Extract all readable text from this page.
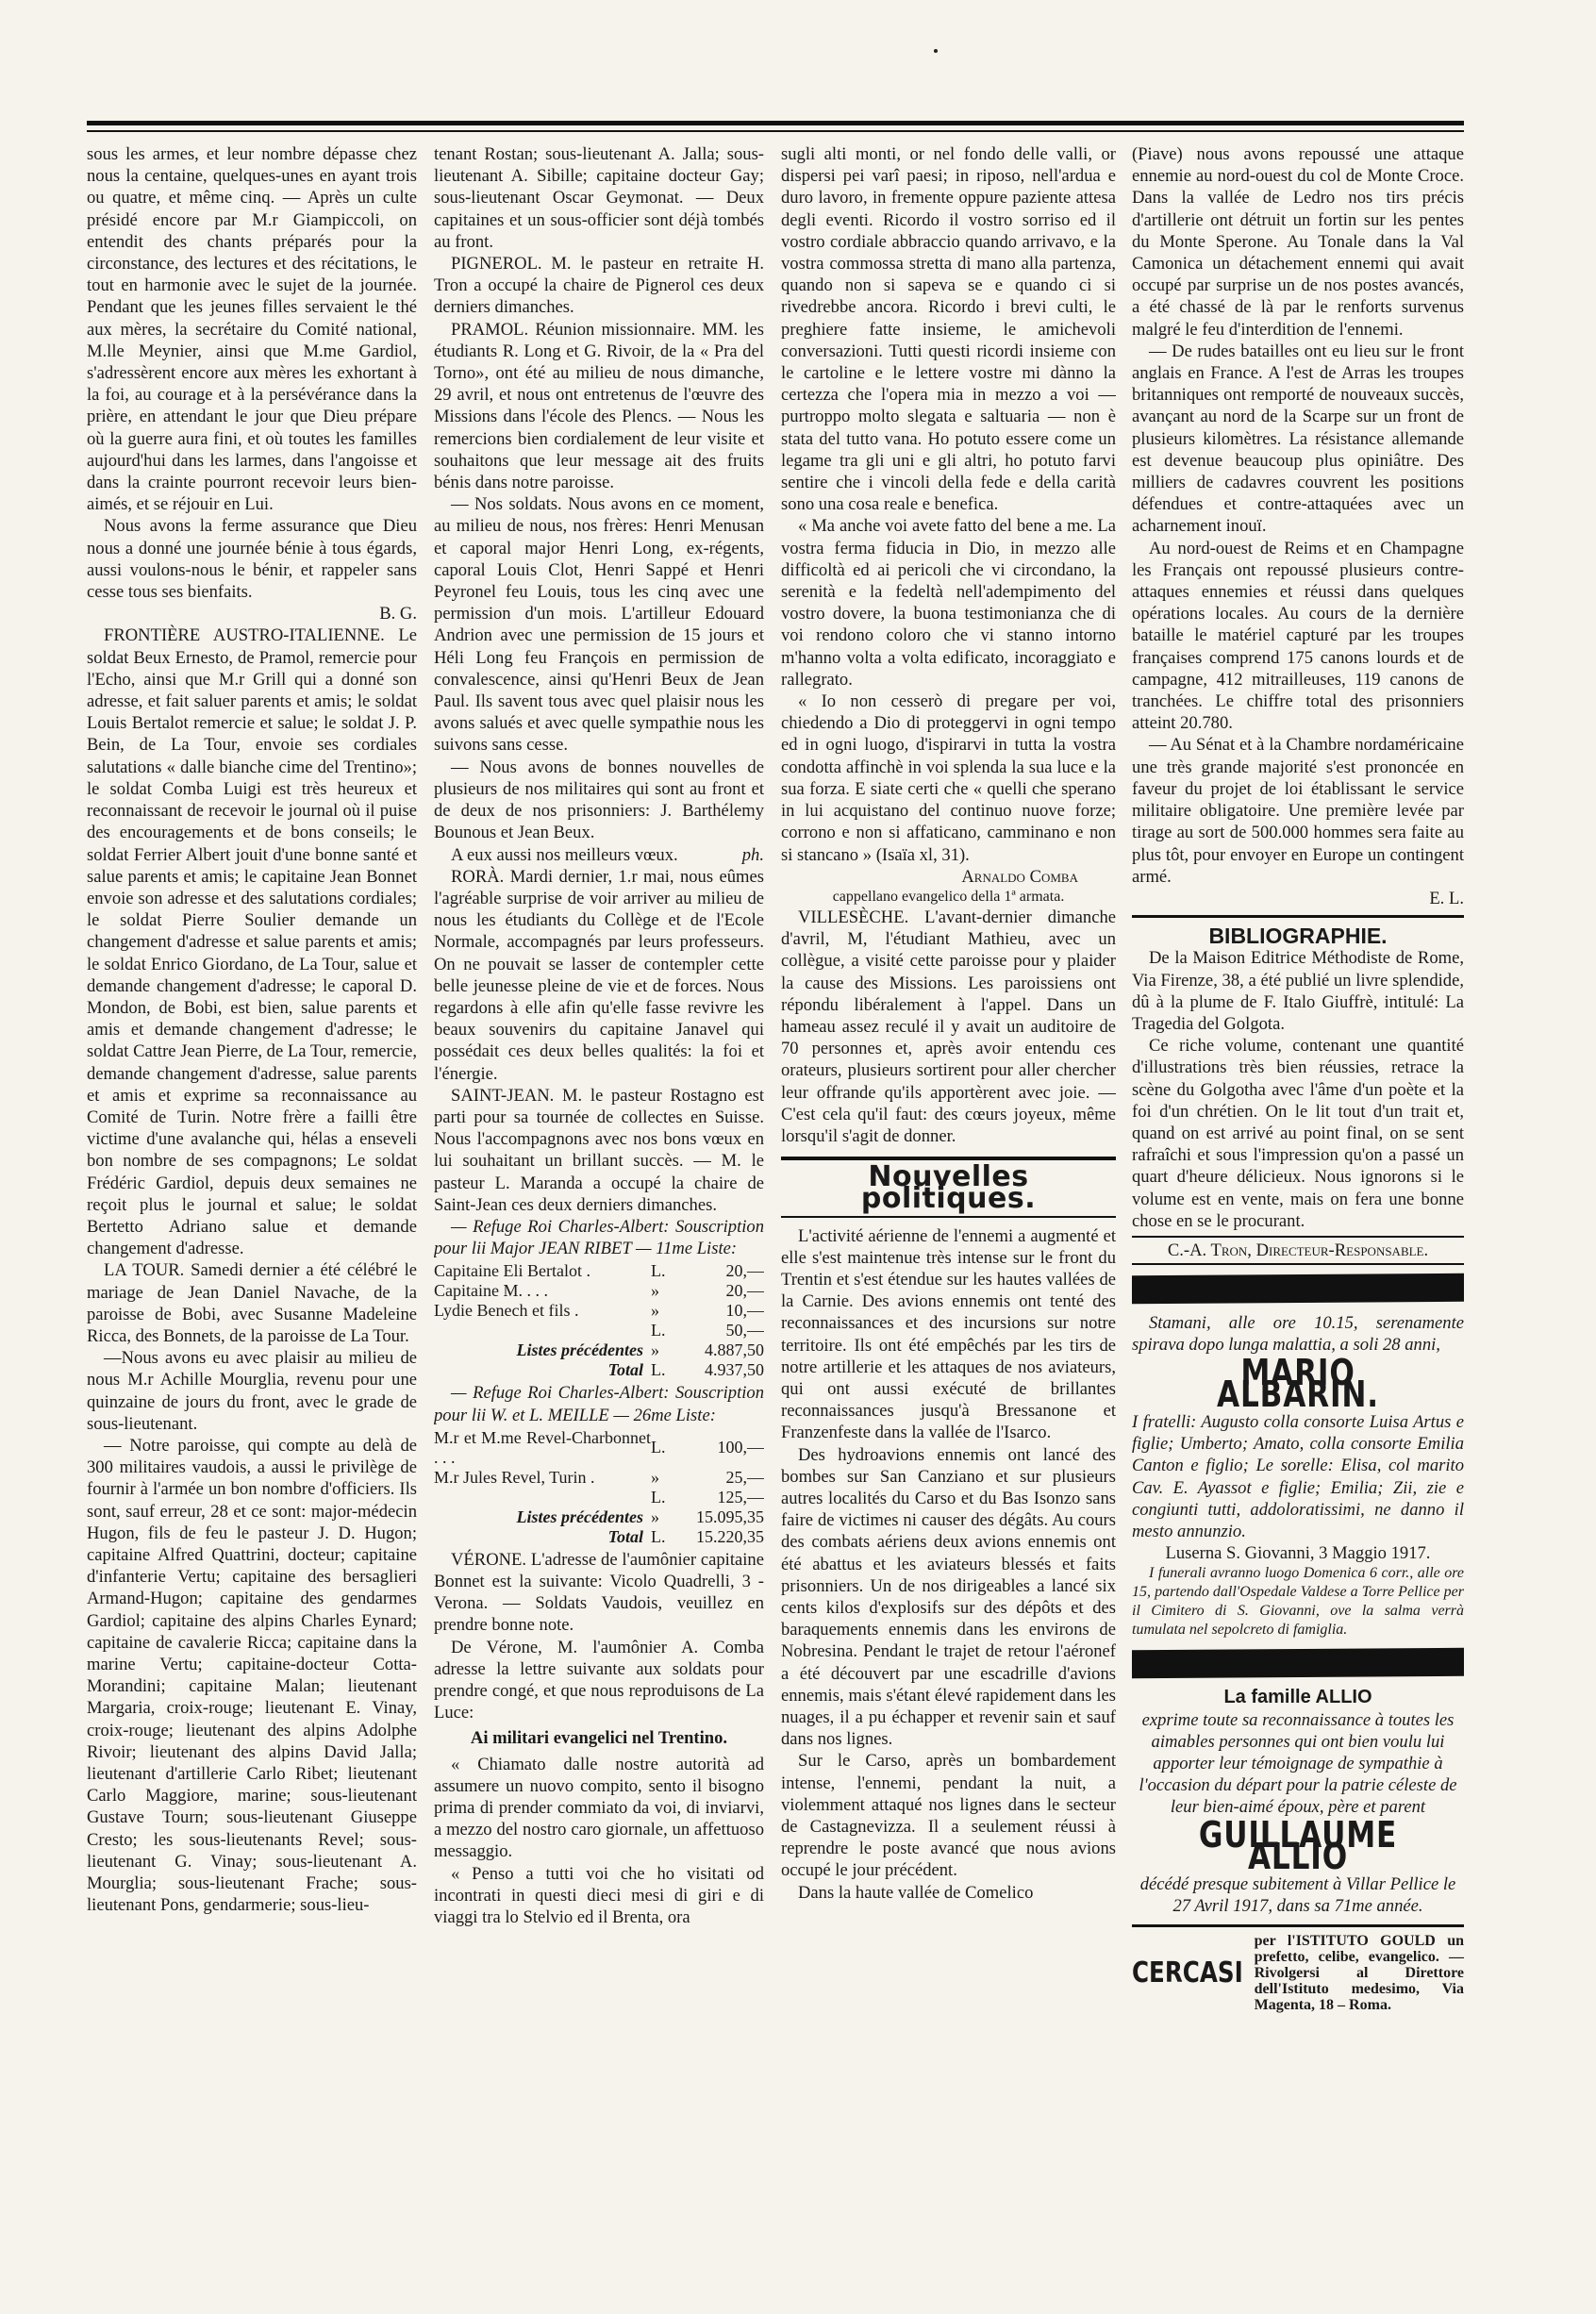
sous les armes, et leur nombre dépasse chez nous la centaine, quelques-unes en ayant trois ou quatre, et même cinq. — Après un culte présidé encore par M.r Giampiccoli, on entendit des chants préparés pour la circonstance, des lectures et des récitations, le tout en harmonie avec le sujet de la journée. Pendant que les jeunes filles servaient le thé aux mères, la secrétaire du Comité national, M.lle Meynier, ainsi que M.me Gardiol, s'adressèrent encore aux mères les exhortant à la foi, au courage et à la persévérance dans la prière, en attendant le jour que Dieu prépare où la guerre aura fini, et où toutes les familles aujourd'hui dans les larmes, dans l'angoisse et dans la crainte pourront recevoir leurs bien-aimés, et se réjouir en Lui.

Nous avons la ferme assurance que Dieu nous a donné une journée bénie à tous égards, aussi voulons-nous le bénir, et rappeler sans cesse tous ses bienfaits.

B. G.

FRONTIÈRE AUSTRO-ITALIENNE. Le soldat Beux Ernesto, de Pramol, remercie pour l'Echo, ainsi que M.r Grill qui a donné son adresse, et fait saluer parents et amis; le soldat Louis Bertalot remercie et salue; le soldat J. P. Bein, de La Tour, envoie ses cordiales salutations « dalle bianche cime del Trentino»; le soldat Comba Luigi est très heureux et reconnaissant de recevoir le journal où il puise des encouragements et de bons conseils; le soldat Ferrier Albert jouit d'une bonne santé et salue parents et amis; le capitaine Jean Bonnet envoie son adresse et des salutations cordiales; le soldat Pierre Soulier demande un changement d'adresse et salue parents et amis; le soldat Enrico Giordano, de La Tour, salue et demande changement d'adresse; le caporal D. Mondon, de Bobi, est bien, salue parents et amis et demande changement d'adresse; le soldat Cattre Jean Pierre, de La Tour, remercie, demande changement d'adresse, salue parents et amis et exprime sa reconnaissance au Comité de Turin. Notre frère a failli être victime d'une avalanche qui, hélas a enseveli bon nombre de ses compagnons; Le soldat Frédéric Gardiol, depuis deux semaines ne reçoit plus le journal et salue; le soldat Bertetto Adriano salue et demande changement d'adresse.

LA TOUR. Samedi dernier a été célébré le mariage de Jean Daniel Navache, de la paroisse de Bobi, avec Susanne Madeleine Ricca, des Bonnets, de la paroisse de La Tour.

—Nous avons eu avec plaisir au milieu de nous M.r Achille Mourglia, revenu pour une quinzaine de jours du front, avec le grade de sous-lieutenant.

— Notre paroisse, qui compte au delà de 300 militaires vaudois, a aussi le privilège de fournir à l'armée un bon nombre d'officiers. Ils sont, sauf erreur, 28 et ce sont: major-médecin Hugon, fils de feu le pasteur J. D. Hugon; capitaine Alfred Quattrini, docteur; capitaine d'infanterie Vertu; capitaine des bersaglieri Armand-Hugon; capitaine des gendarmes Gardiol; capitaine des alpins Charles Eynard; capitaine de cavalerie Ricca; capitaine dans la marine Vertu; capitaine-docteur Cotta-Morandini; capitaine Malan; lieutenant Margaria, croix-rouge; lieutenant E. Vinay, croix-rouge; lieutenant des alpins Adolphe Rivoir; lieutenant des alpins David Jalla; lieutenant d'artillerie Carlo Ribet; lieutenant Carlo Maggiore, marine; sous-lieutenant Gustave Tourn; sous-lieutenant Giuseppe Cresto; les sous-lieutenants Revel; sous-lieutenant G. Vinay; sous-lieutenant A. Mourglia; sous-lieutenant Frache; sous-lieutenant Pons, gendarmerie; sous-lieu-

tenant Rostan; sous-lieutenant A. Jalla; sous-lieutenant A. Sibille; capitaine docteur Gay; sous-lieutenant Oscar Geymonat. — Deux capitaines et un sous-officier sont déjà tombés au front.

PIGNEROL. M. le pasteur en retraite H. Tron a occupé la chaire de Pignerol ces deux derniers dimanches.

PRAMOL. Réunion missionnaire. MM. les étudiants R. Long et G. Rivoir, de la « Pra del Torno», ont été au milieu de nous dimanche, 29 avril, et nous ont entretenus de l'œuvre des Missions dans l'école des Plencs. — Nous les remercions bien cordialement de leur visite et souhaitons que leur message ait des fruits bénis dans notre paroisse.

— Nos soldats. Nous avons en ce moment, au milieu de nous, nos frères: Henri Menusan et caporal major Henri Long, ex-régents, caporal Louis Clot, Henri Sappé et Henri Peyronel feu Louis, tous les cinq avec une permission d'un mois. L'artilleur Edouard Andrion avec une permission de 15 jours et Héli Long feu François en permission de convalescence, ainsi qu'Henri Beux de Jean Paul. Ils savent tous avec quel plaisir nous les avons salués et avec quelle sympathie nous les suivons sans cesse.

— Nous avons de bonnes nouvelles de plusieurs de nos militaires qui sont au front et de deux de nos prisonniers: J. Barthélemy Bounous et Jean Beux.

A eux aussi nos meilleurs vœux.	ph.

RORÀ. Mardi dernier, 1.r mai, nous eûmes l'agréable surprise de voir arriver au milieu de nous les étudiants du Collège et de l'Ecole Normale, accompagnés par leurs professeurs. On ne pouvait se lasser de contempler cette belle jeunesse pleine de vie et de forces. Nous regardons à elle afin qu'elle fasse revivre les beaux souvenirs du capitaine Janavel qui possédait ces deux belles qualités: la foi et l'énergie.

SAINT-JEAN. M. le pasteur Rostagno est parti pour sa tournée de collectes en Suisse. Nous l'accompagnons avec nos bons vœux en lui souhaitant un brillant succès. — M. le pasteur L. Maranda a occupé la chaire de Saint-Jean ces deux derniers dimanches.

— Refuge Roi Charles-Albert: Souscription pour lii Major JEAN RIBET — 11me Liste:

Capitaine Eli Bertalot .	L.	20,—
Capitaine M. . . .	»	20,—
Lydie Benech et fils .	»	10,—
	L.	50,—
Listes précédentes	»	4.887,50
Total	L.	4.937,50

— Refuge Roi Charles-Albert: Souscription pour lii W. et L. MEILLE — 26me Liste:

M.r et M.me Revel-Charbonnet . . .	L.	100,—
M.r Jules Revel, Turin .	»	25,—
	L.	125,—
Listes précédentes	»	15.095,35
Total	L.	15.220,35

VÉRONE. L'adresse de l'aumônier capitaine Bonnet est la suivante: Vicolo Quadrelli, 3 - Verona. — Soldats Vaudois, veuillez en prendre bonne note.

De Vérone, M. l'aumônier A. Comba adresse la lettre suivante aux soldats pour prendre congé, et que nous reproduisons de La Luce:

Ai militari evangelici nel Trentino.

« Chiamato dalle nostre autorità ad assumere un nuovo compito, sento il bisogno prima di prender commiato da voi, di inviarvi, a mezzo del nostro caro giornale, un affettuoso messaggio.

« Penso a tutti voi che ho visitati od incontrati in questi dieci mesi di giri e di viaggi tra lo Stelvio ed il Brenta, ora

sugli alti monti, or nel fondo delle valli, or dispersi pei varî paesi; in riposo, nell'ardua e duro lavoro, in fremente oppure paziente attesa degli eventi. Ricordo il vostro sorriso ed il vostro cordiale abbraccio quando arrivavo, e la vostra commossa stretta di mano alla partenza, quando non si sapeva se e quando ci si rivedrebbe ancora. Ricordo i brevi culti, le preghiere fatte insieme, le amichevoli conversazioni. Tutti questi ricordi insieme con le cartoline e le lettere vostre mi dànno la certezza che l'opera mia in mezzo a voi — purtroppo molto slegata e saltuaria — non è stata del tutto vana. Ho potuto essere come un legame tra gli uni e gli altri, ho potuto farvi sentire che i vincoli della fede e della carità sono una cosa reale e benefica.

« Ma anche voi avete fatto del bene a me. La vostra ferma fiducia in Dio, in mezzo alle difficoltà ed ai pericoli che vi circondano, la serenità e la fedeltà nell'adempimento del vostro dovere, la buona testimonianza che di voi rendono coloro che vi stanno intorno m'hanno volta a volta edificato, incoraggiato e rallegrato.

« Io non cesserò di pregare per voi, chiedendo a Dio di proteggervi in ogni tempo ed in ogni luogo, d'ispirarvi in tutta la vostra condotta affinchè in voi splenda la sua luce e la sua forza. E siate certi che « quelli che sperano in lui acquistano del continuo nuove forze; corrono e non si affaticano, camminano e non si stancano » (Isaïa xl, 31).

Arnaldo Comba
cappellano evangelico della 1ª armata.

VILLESÈCHE. L'avant-dernier dimanche d'avril, M, l'étudiant Mathieu, avec un collègue, a visité cette paroisse pour y plaider la cause des Missions. Les paroissiens ont répondu libéralement à l'appel. Dans un hameau assez reculé il y avait un auditoire de 70 personnes et, après avoir entendu ces orateurs, plusieurs sortirent pour aller chercher leur offrande qu'ils apportèrent avec joie. — C'est cela qu'il faut: des cœurs joyeux, même lorsqu'il s'agit de donner.

Nouvelles politiques.

L'activité aérienne de l'ennemi a augmenté et elle s'est maintenue très intense sur le front du Trentin et s'est étendue sur les hautes vallées de la Carnie. Des avions ennemis ont tenté des reconnaissances et des incursions sur notre territoire. Ils ont été empêchés par les tirs de notre artillerie et les attaques de nos aviateurs, qui ont aussi exécuté de brillantes reconnaissances jusqu'à Bressanone et Franzenfeste dans la vallée de l'Isarco.

Des hydroavions ennemis ont lancé des bombes sur San Canziano et sur plusieurs autres localités du Carso et du Bas Isonzo sans faire de victimes ni causer des dégâts. Au cours des combats aériens deux avions ennemis ont été abattus et les aviateurs blessés et faits prisonniers. Un de nos dirigeables a lancé six cents kilos d'explosifs sur des dépôts et des baraquements ennemis dans les environs de Nobresina. Pendant le trajet de retour l'aéronef a été découvert par une escadrille d'avions ennemis, mais s'étant élevé rapidement dans les nuages, il a pu échapper et revenir sain et sauf dans nos lignes.

Sur le Carso, après un bombardement intense, l'ennemi, pendant la nuit, a violemment attaqué nos lignes dans le secteur de Castagnevizza. Il a seulement réussi à reprendre le poste avancé que nous avions occupé le jour précédent.

Dans la haute vallée de Comelico

(Piave) nous avons repoussé une attaque ennemie au nord-ouest du col de Monte Croce. Dans la vallée de Ledro nos tirs précis d'artillerie ont détruit un fortin sur les pentes du Monte Sperone. Au Tonale dans la Val Camonica un détachement ennemi qui avait occupé par surprise un de nos postes avancés, a été chassé de là par le renforts survenus malgré le feu d'interdition de l'ennemi.

— De rudes batailles ont eu lieu sur le front anglais en France. A l'est de Arras les troupes britanniques ont remporté de nouveaux succès, avançant au nord de la Scarpe sur un front de plusieurs kilomètres. La résistance allemande est devenue beaucoup plus opiniâtre. Des milliers de cadavres couvrent les positions défendues et contre-attaquées avec un acharnement inouï.

Au nord-ouest de Reims et en Champagne les Français ont repoussé plusieurs contre-attaques ennemies et réussi dans quelques opérations locales. Au cours de la dernière bataille le matériel capturé par les troupes françaises comprend 175 canons lourds et de campagne, 412 mitrailleuses, 119 canons de tranchées. Le chiffre total des prisonniers atteint 20.780.

— Au Sénat et à la Chambre nordaméricaine une très grande majorité s'est prononcée en faveur du projet de loi établissant le service militaire obligatoire. Une première levée par tirage au sort de 500.000 hommes sera faite au plus tôt, pour envoyer en Europe un contingent armé.

E. L.
BIBLIOGRAPHIE.

De la Maison Editrice Méthodiste de Rome, Via Firenze, 38, a été publié un livre splendide, dû à la plume de F. Italo Giuffrè, intitulé: La Tragedia del Golgota.

Ce riche volume, contenant une quantité d'illustrations très bien réussies, retrace la scène du Golgotha avec l'âme d'un poète et la foi d'un chrétien. On le lit tout d'un trait et, quand on est arrivé au point final, on se sent rafraîchi et sous l'impression qu'on a passé un quart d'heure délicieux. Nous ignorons si le volume est en vente, mais on fera une bonne chose en se le procurant.

C.-A. Tron, Directeur-Responsable.

Stamani, alle ore 10.15, serenamente spirava dopo lunga malattia, a soli 28 anni,

MARIO ALBARIN.

I fratelli: Augusto colla consorte Luisa Artus e figlie; Umberto; Amato, colla consorte Emilia Canton e figlio; Le sorelle: Elisa, col marito Cav. E. Ayassot e figlie; Emilia; Zii, zie e congiunti tutti, addoloratissimi, ne danno il mesto annunzio.

Luserna S. Giovanni, 3 Maggio 1917.

I funerali avranno luogo Domenica 6 corr., alle ore 15, partendo dall'Ospedale Valdese a Torre Pellice per il Cimitero di S. Giovanni, ove la salma verrà tumulata nel sepolcreto di famiglia.

La famille ALLIO

exprime toute sa reconnaissance à toutes les aimables personnes qui ont bien voulu lui apporter leur témoignage de sympathie à l'occasion du départ pour la patrie céleste de leur bien-aimé époux, père et parent

GUILLAUME ALLIO

décédé presque subitement à Villar Pellice le 27 Avril 1917, dans sa 71me année.

CERCASI
per l'ISTITUTO GOULD un prefetto, celibe, evangelico. — Rivolgersi al Direttore dell'Istituto medesimo, Via Magenta, 18 – Roma.
